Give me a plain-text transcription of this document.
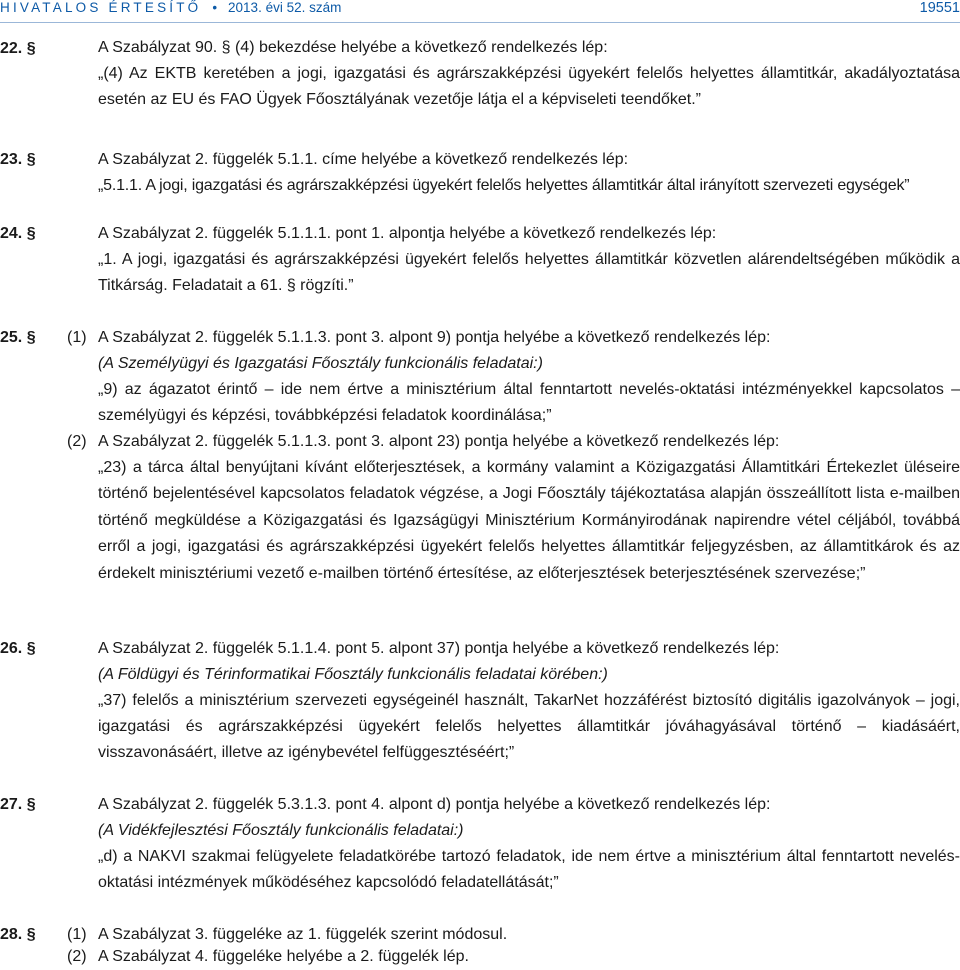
HIVATALOS ÉRTESÍTŐ • 2013. évi 52. szám	19551
22. §	A Szabályzat 90. § (4) bekezdése helyébe a következő rendelkezés lép:
„(4) Az EKTB keretében a jogi, igazgatási és agrárszakképzési ügyekért felelős helyettes államtitkár, akadályoztatása esetén az EU és FAO Ügyek Főosztályának vezetője látja el a képviseleti teendőket.”
23. §	A Szabályzat 2. függelék 5.1.1. címe helyébe a következő rendelkezés lép:
„5.1.1. A jogi, igazgatási és agrárszakképzési ügyekért felelős helyettes államtitkár által irányított szervezeti egységek”
24. §	A Szabályzat 2. függelék 5.1.1.1. pont 1. alpontja helyébe a következő rendelkezés lép:
„1. A jogi, igazgatási és agrárszakképzési ügyekért felelős helyettes államtitkár közvetlen alárendeltségében működik a Titkárság. Feladatait a 61. § rögzíti.”
25. § (1) A Szabályzat 2. függelék 5.1.1.3. pont 3. alpont 9) pontja helyébe a következő rendelkezés lép:
(A Személyügyi és Igazgatási Főosztály funkcionális feladatai:)
„9) az ágazatot érintő – ide nem értve a minisztérium által fenntartott nevelés-oktatási intézményekkel kapcsolatos – személyügyi és képzési, továbbképzési feladatok koordinálása;”
(2) A Szabályzat 2. függelék 5.1.1.3. pont 3. alpont 23) pontja helyébe a következő rendelkezés lép:
„23) a tárca által benyújtani kívánt előterjesztések, a kormány valamint a Közigazgatási Államtitkári Értekezlet üléseire történő bejelentésével kapcsolatos feladatok végzése, a Jogi Főosztály tájékoztatása alapján összeállított lista e-mailben történő megküldése a Közigazgatási és Igazságügyi Minisztérium Kormányirodának napirendre vétel céljából, továbbá erről a jogi, igazgatási és agrárszakképzési ügyekért felelős helyettes államtitkár feljegyzésben, az államtitkárok és az érdekelt minisztériumi vezető e-mailben történő értesítése, az előterjesztések beterjesztésének szervezése;”
26. §	A Szabályzat 2. függelék 5.1.1.4. pont 5. alpont 37) pontja helyébe a következő rendelkezés lép:
(A Földügyi és Térinformatikai Főosztály funkcionális feladatai körében:)
„37) felelős a minisztérium szervezeti egységeinél használt, TakarNet hozzáférést biztosító digitális igazolványok – jogi, igazgatási és agrárszakképzési ügyekért felelős helyettes államtitkár jóváhagyásával történő – kiadásáért, visszavonásáért, illetve az igénybevétel felfüggesztéséért;”
27. §	A Szabályzat 2. függelék 5.3.1.3. pont 4. alpont d) pontja helyébe a következő rendelkezés lép:
(A Vidékfejlesztési Főosztály funkcionális feladatai:)
„d) a NAKVI szakmai felügyelete feladatkörébe tartozó feladatok, ide nem értve a minisztérium által fenntartott nevelés-oktatási intézmények működéséhez kapcsolódó feladatellátását;”
28. § (1) A Szabályzat 3. függeléke az 1. függelék szerint módosul.
(2) A Szabályzat 4. függeléke helyébe a 2. függelék lép.
